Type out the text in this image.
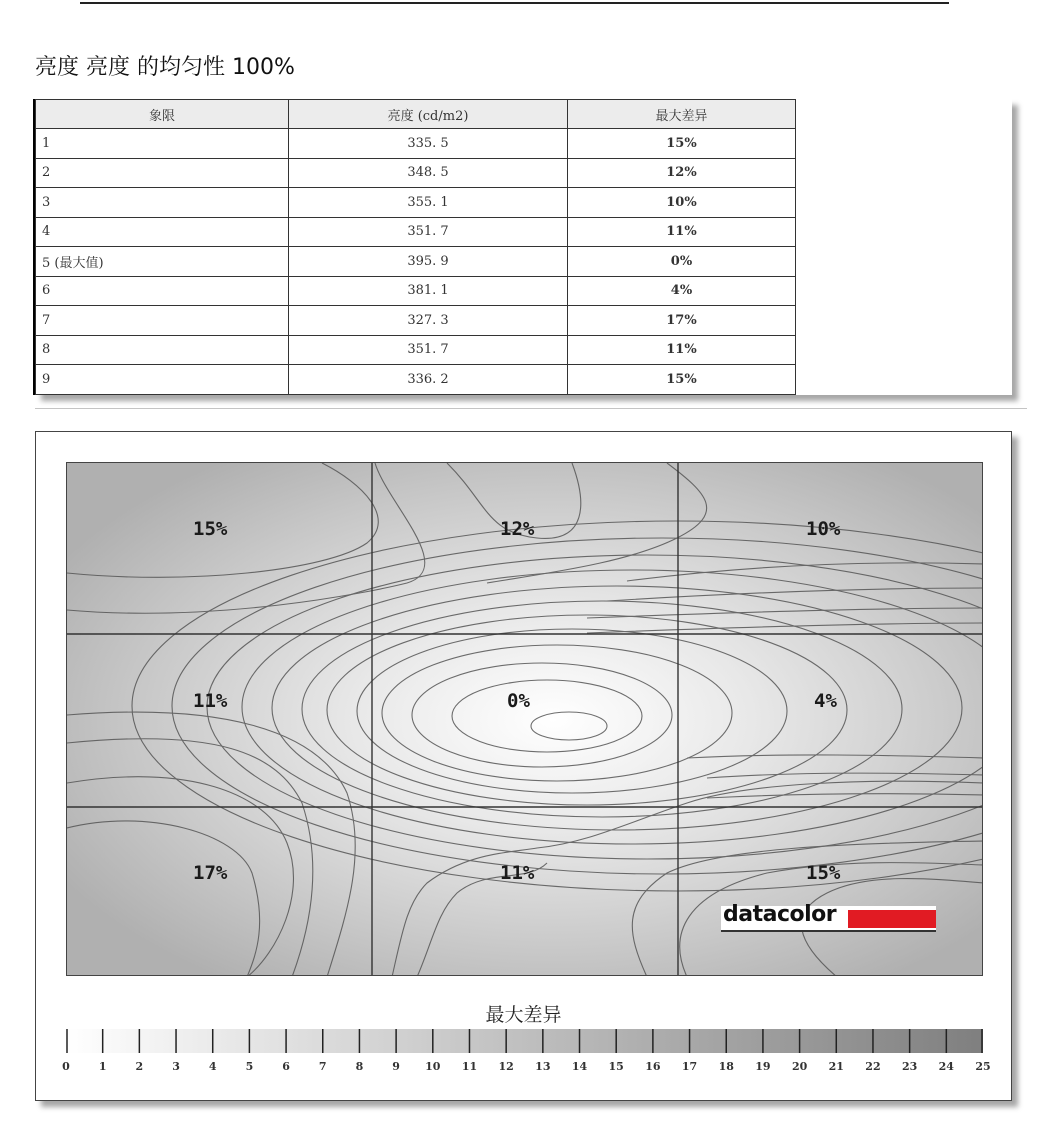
亮度 亮度 的均匀性 100%
象限	亮度 (cd/m2)	最大差异
1	335. 5	15%
2	348. 5	12%
3	355. 1	10%
4	351. 7	11%
5 (最大值)	395. 9	0%
6	381. 1	4%
7	327. 3	17%
8	351. 7	11%
9	336. 2	15%
15%	12%	10%
11%	0%	4%
17%	11%	15%
datacolor
最大差异
0	1	2	3	4	5	6	7	8	9 10 11 12 13 14 15 16 17 18 19 20 21 22 23 24 25
